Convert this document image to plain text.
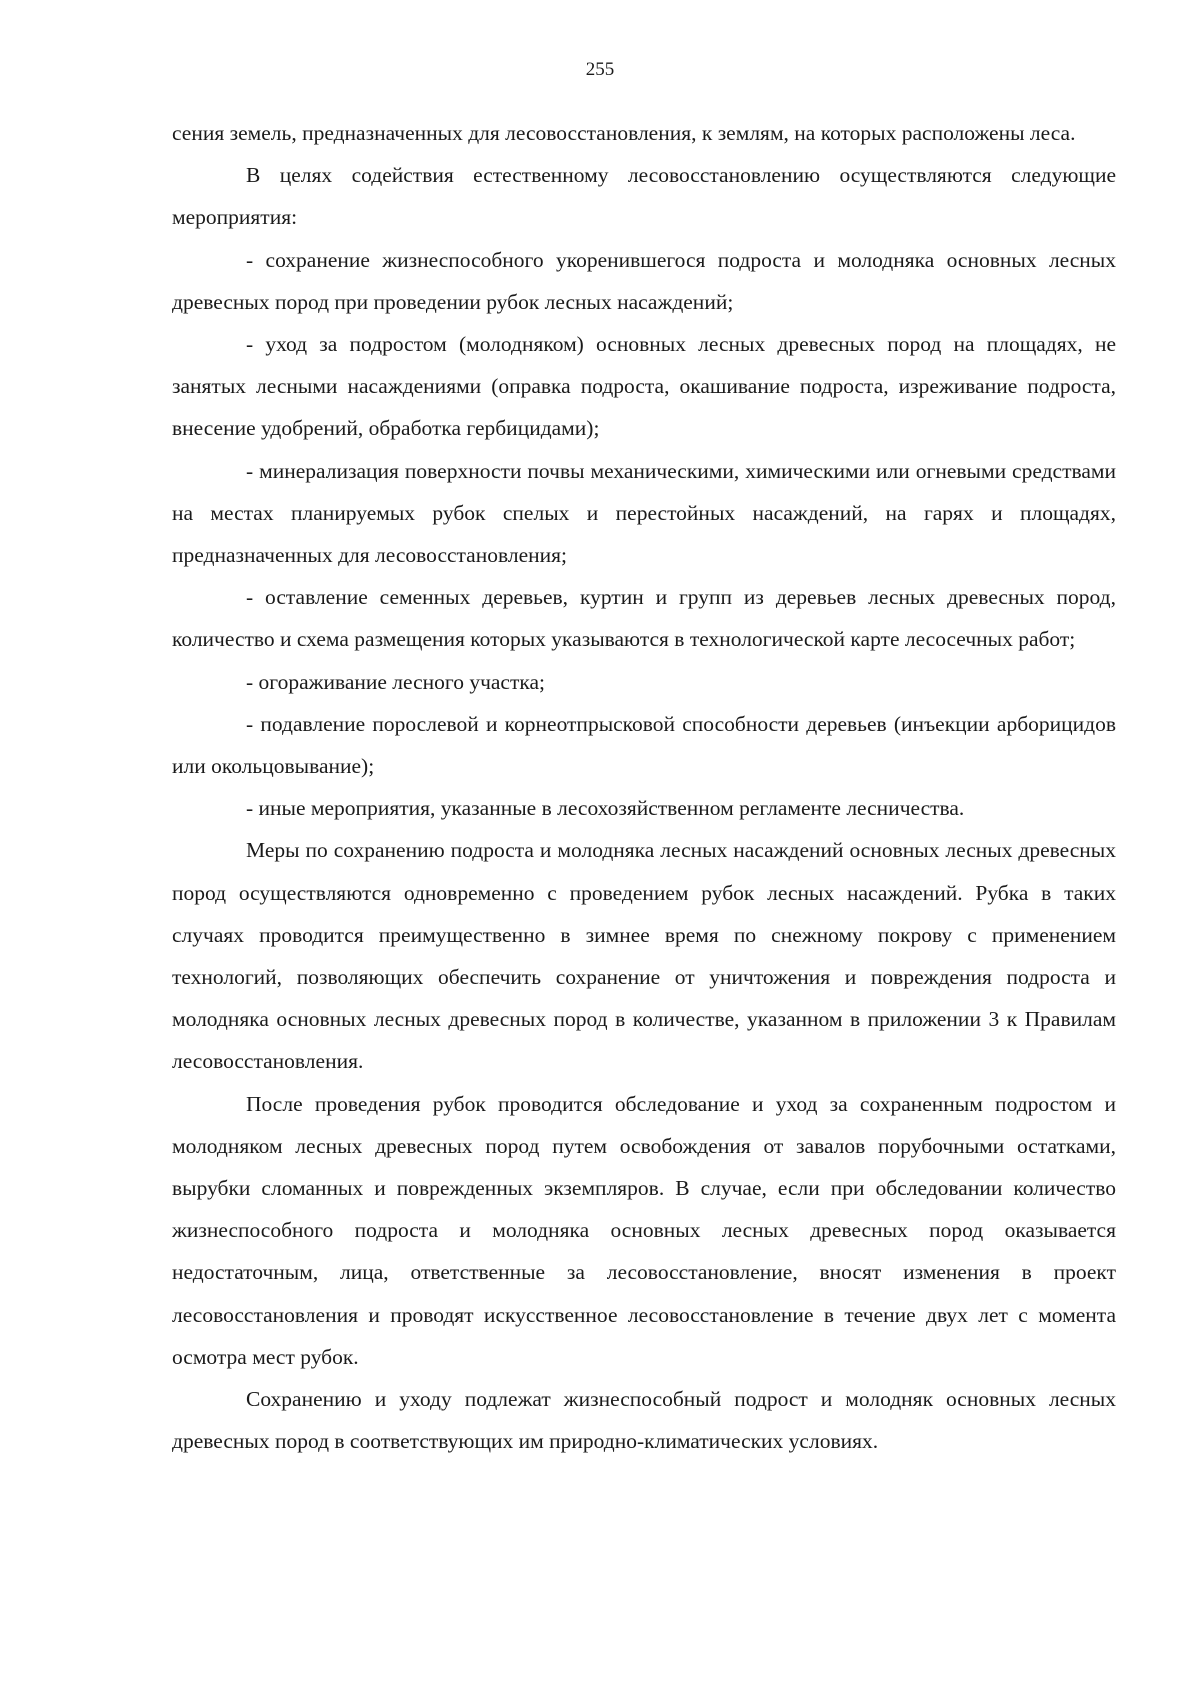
255

сения земель, предназначенных для лесовосстановления, к землям, на которых расположены леса.

В целях содействия естественному лесовосстановлению осуществляются следующие мероприятия:

- сохранение жизнеспособного укоренившегося подроста и молодняка основных лесных древесных пород при проведении рубок лесных насаждений;

- уход за подростом (молодняком) основных лесных древесных пород на площадях, не занятых лесными насаждениями (оправка подроста, окашивание подроста, изреживание подроста, внесение удобрений, обработка гербицидами);

- минерализация поверхности почвы механическими, химическими или огневыми средствами на местах планируемых рубок спелых и перестойных насаждений, на гарях и площадях, предназначенных для лесовосстановления;

- оставление семенных деревьев, куртин и групп из деревьев лесных древесных пород, количество и схема размещения которых указываются в технологической карте лесосечных работ;

- огораживание лесного участка;

- подавление порослевой и корнеотпрысковой способности деревьев (инъекции арборицидов или окольцовывание);

- иные мероприятия, указанные в лесохозяйственном регламенте лесничества.

Меры по сохранению подроста и молодняка лесных насаждений основных лесных древесных пород осуществляются одновременно с проведением рубок лесных насаждений. Рубка в таких случаях проводится преимущественно в зимнее время по снежному покрову с применением технологий, позволяющих обеспечить сохранение от уничтожения и повреждения подроста и молодняка основных лесных древесных пород в количестве, указанном в приложении 3 к Правилам лесовосстановления.

После проведения рубок проводится обследование и уход за сохраненным подростом и молодняком лесных древесных пород путем освобождения от завалов порубочными остатками, вырубки сломанных и поврежденных экземпляров. В случае, если при обследовании количество жизнеспособного подроста и молодняка основных лесных древесных пород оказывается недостаточным, лица, ответственные за лесовосстановление, вносят изменения в проект лесовосстановления и проводят искусственное лесовосстановление в течение двух лет с момента осмотра мест рубок.

Сохранению и уходу подлежат жизнеспособный подрост и молодняк основных лесных древесных пород в соответствующих им природно-климатических условиях.
